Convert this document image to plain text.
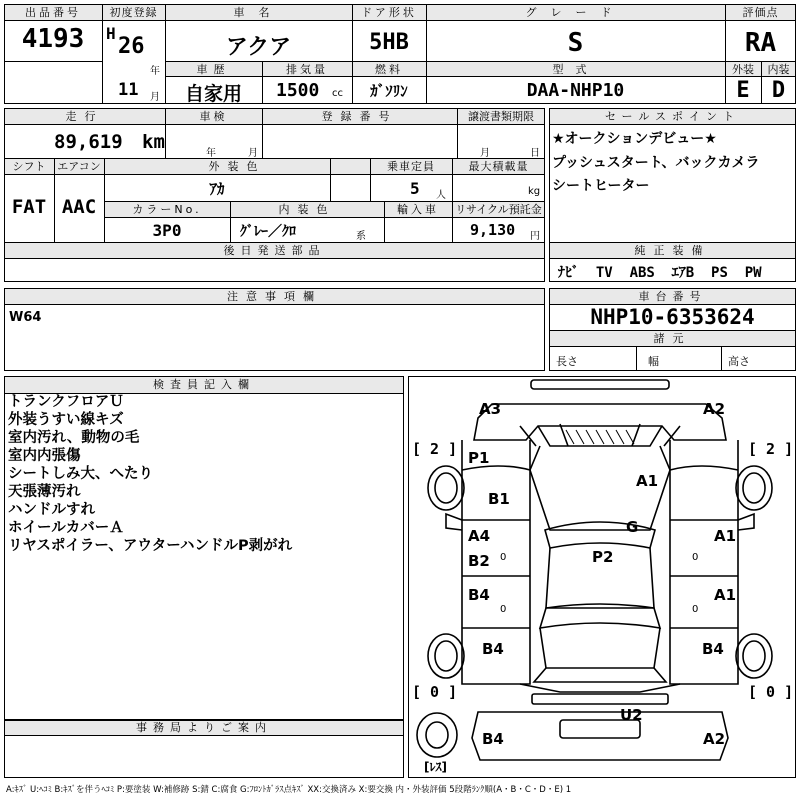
出品番号
4193
初度登録
H
26
年
11 月
車名
アクア
ドア形状
5HB
グレード
S
評価点
RA
車歴
自家用
排気量
1500 cc
燃料
ｶﾞｿﾘﾝ
型式
DAA-NHP10
外装
E
内装
D
走行
89,619 km
車検
年	月
登録番号	譲渡書類期限
月	日
シフト
FAT
エアコン
AAC
外装色
ｱｶ
乗車定員
5 人
最大積載量
kg
カラーNo.
3P0
内装色
ｸﾞﾚｰ／ｸﾛ	系
輸入車	リサイクル預託金
9,130 円
後日発送部品
セールスポイント
★オークションデビュー★
プッシュスタート、バックカメラ
シートヒーター
純正装備
ﾅﾋﾞ TV ABS ｴｱB PS PW
注意事項欄
W64
車台番号
NHP10-6353624
諸元
長さ	幅	高さ
検査員記入欄
トランクフロアＵ
外装うすい線キズ
室内汚れ、動物の毛
室内内張傷
シートしみ大、へたり
天張薄汚れ
ハンドルすれ
ホイールカバーＡ
リヤスポイラー、アウターハンドルP剥がれ
事務局よりご案内
[ 2 ]	[ 2 ]
[ 0 ]	[ 0 ]
[ﾚｽ]
0
0
0
0
A3	A2
P1
A1
B1
G
A4	A1
B2	P2
B4	A1
B4	B4
U2
B4	A2
A:ｷｽﾞ U:ﾍｺﾐ B:ｷｽﾞを伴うﾍｺﾐ P:要塗装 W:補修跡 S:錆 C:腐食 G:ﾌﾛﾝﾄｶﾞﾗｽ点ｷｽﾞ XX:交換済み X:要交換 内・外装評価 5段階ﾗﾝｸ順(A・B・C・D・E) 1
